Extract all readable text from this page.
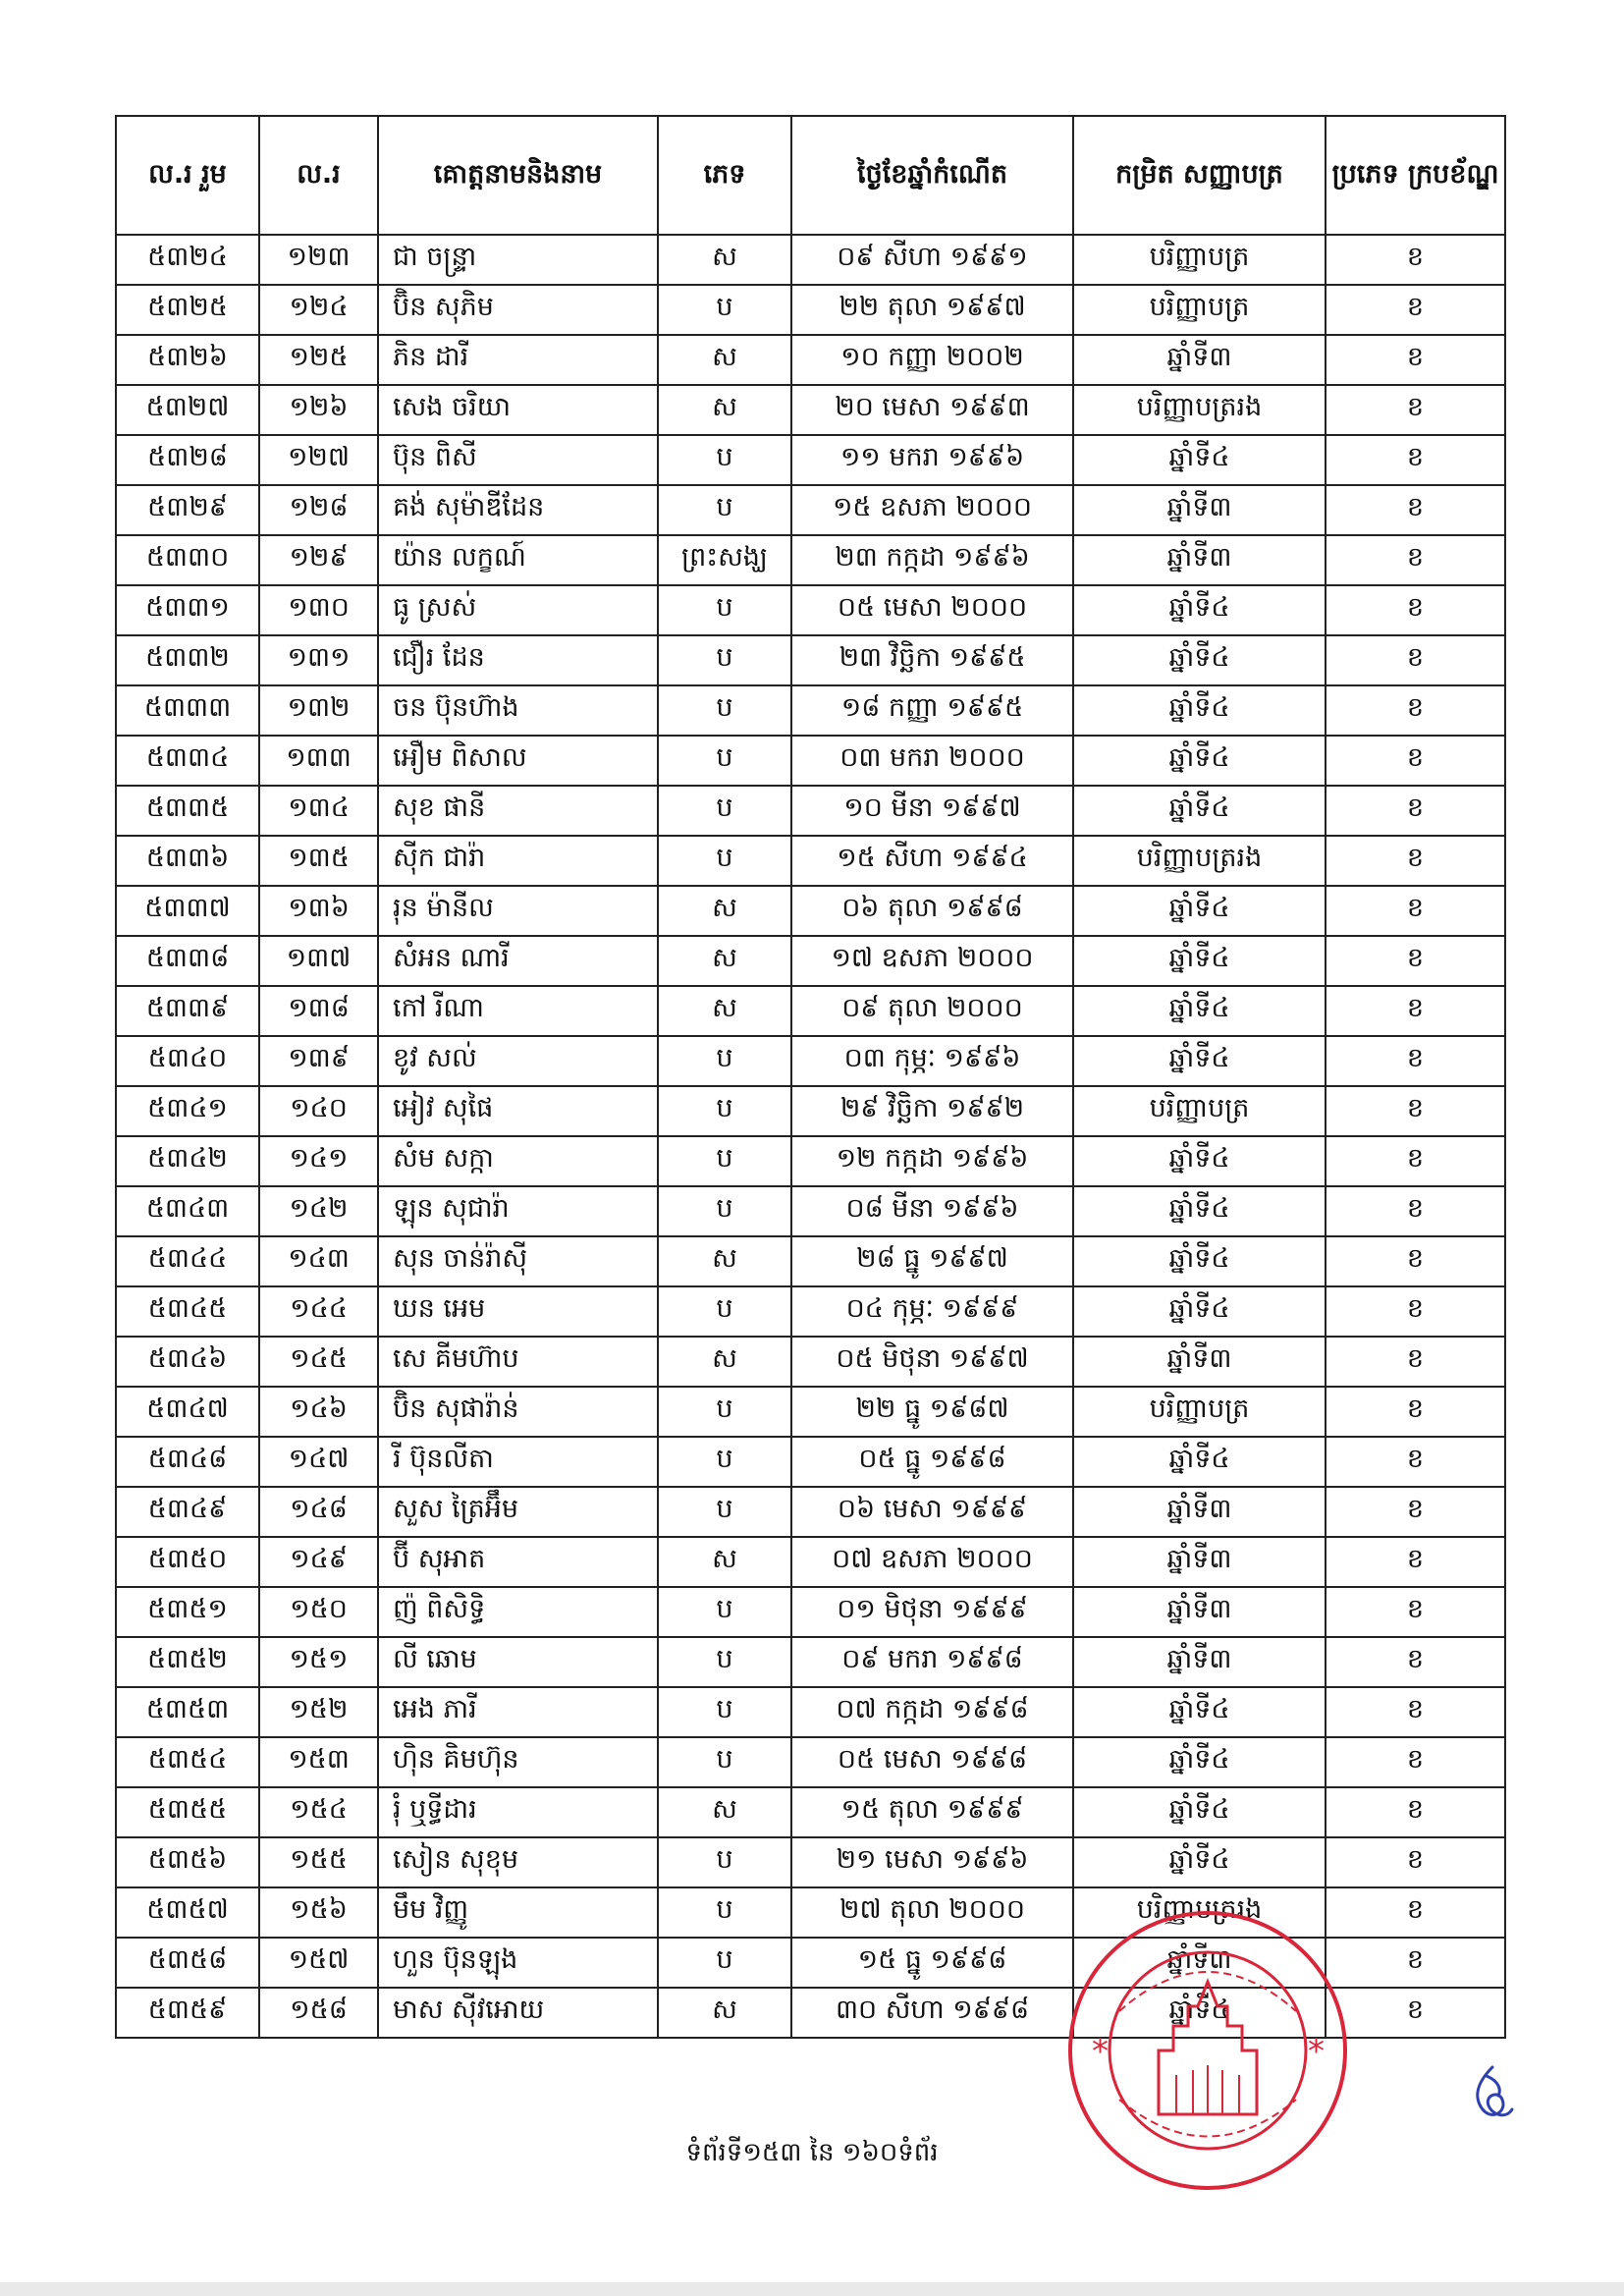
ល.រ រួម	ល.រ	គោត្តនាមនិងនាម	ភេទ	ថ្ងៃខែឆ្នាំកំណើត	កម្រិត សញ្ញាបត្រ	ប្រភេទ ក្របខ័ណ្ឌ
៥៣២៤	១២៣	ជា ចន្ទ្រា	ស	០៩ សីហា ១៩៩១	បរិញ្ញាបត្រ	ខ
៥៣២៥	១២៤	ប៊ិន សុភិម	ប	២២ តុលា ១៩៩៧	បរិញ្ញាបត្រ	ខ
៥៣២៦	១២៥	ភិន ដារី	ស	១០ កញ្ញា ២០០២	ឆ្នាំទី៣	ខ
៥៣២៧	១២៦	សេង ចរិយា	ស	២០ មេសា ១៩៩៣	បរិញ្ញាបត្ររង	ខ
៥៣២៨	១២៧	ប៊ុន ពិសី	ប	១១ មករា ១៩៩៦	ឆ្នាំទី៤	ខ
៥៣២៩	១២៨	គង់ សុម៉ាឌីដែន	ប	១៥ ឧសភា ២០០០	ឆ្នាំទី៣	ខ
៥៣៣០	១២៩	យ៉ាន លក្ខណ៍	ព្រះសង្ឃ	២៣ កក្កដា ១៩៩៦	ឆ្នាំទី៣	ខ
៥៣៣១	១៣០	ធូ ស្រស់	ប	០៥ មេសា ២០០០	ឆ្នាំទី៤	ខ
៥៣៣២	១៣១	ជឿរ ដែន	ប	២៣ វិច្ឆិកា ១៩៩៥	ឆ្នាំទី៤	ខ
៥៣៣៣	១៣២	ចន ប៊ុនហ៊ាង	ប	១៨ កញ្ញា ១៩៩៥	ឆ្នាំទី៤	ខ
៥៣៣៤	១៣៣	អឿម ពិសាល	ប	០៣ មករា ២០០០	ឆ្នាំទី៤	ខ
៥៣៣៥	១៣៤	សុខ ផានី	ប	១០ មីនា ១៩៩៧	ឆ្នាំទី៤	ខ
៥៣៣៦	១៣៥	ស៊ីក ជារ៉ា	ប	១៥ សីហា ១៩៩៤	បរិញ្ញាបត្ររង	ខ
៥៣៣៧	១៣៦	រុន ម៉ានីល	ស	០៦ តុលា ១៩៩៨	ឆ្នាំទី៤	ខ
៥៣៣៨	១៣៧	សំអន ណារី	ស	១៧ ឧសភា ២០០០	ឆ្នាំទី៤	ខ
៥៣៣៩	១៣៨	កៅ រីណា	ស	០៩ តុលា ២០០០	ឆ្នាំទី៤	ខ
៥៣៤០	១៣៩	ខូវ សល់	ប	០៣ កុម្ភៈ ១៩៩៦	ឆ្នាំទី៤	ខ
៥៣៤១	១៤០	អៀវ សុផៃ	ប	២៩ វិច្ឆិកា ១៩៩២	បរិញ្ញាបត្រ	ខ
៥៣៤២	១៤១	សំម សក្កា	ប	១២ កក្កដា ១៩៩៦	ឆ្នាំទី៤	ខ
៥៣៤៣	១៤២	ឡុន សុជារ៉ា	ប	០៨ មីនា ១៩៩៦	ឆ្នាំទី៤	ខ
៥៣៤៤	១៤៣	សុន ចាន់រ៉ាស៊ី	ស	២៨ ធ្នូ ១៩៩៧	ឆ្នាំទី៤	ខ
៥៣៤៥	១៤៤	ឃន អេម	ប	០៤ កុម្ភៈ ១៩៩៩	ឆ្នាំទី៤	ខ
៥៣៤៦	១៤៥	សេ គីមហ៊ាប	ស	០៥ មិថុនា ១៩៩៧	ឆ្នាំទី៣	ខ
៥៣៤៧	១៤៦	ប៊ិន សុផារ៉ាន់	ប	២២ ធ្នូ ១៩៨៧	បរិញ្ញាបត្រ	ខ
៥៣៤៨	១៤៧	រី ប៊ុនលីតា	ប	០៥ ធ្នូ ១៩៩៨	ឆ្នាំទី៤	ខ
៥៣៤៩	១៤៨	សួស ត្រៃអ៊ឹម	ប	០៦ មេសា ១៩៩៩	ឆ្នាំទី៣	ខ
៥៣៥០	១៤៩	ប៊ី សុអាត	ស	០៧ ឧសភា ២០០០	ឆ្នាំទី៣	ខ
៥៣៥១	១៥០	ញ៉ ពិសិទ្ធិ	ប	០១ មិថុនា ១៩៩៩	ឆ្នាំទី៣	ខ
៥៣៥២	១៥១	លី ឆោម	ប	០៩ មករា ១៩៩៨	ឆ្នាំទី៣	ខ
៥៣៥៣	១៥២	អេង ភារី	ប	០៧ កក្កដា ១៩៩៨	ឆ្នាំទី៤	ខ
៥៣៥៤	១៥៣	ហ៊ិន គិមហ៊ុន	ប	០៥ មេសា ១៩៩៨	ឆ្នាំទី៤	ខ
៥៣៥៥	១៥៤	រុំ ឬទ្ធីដារ	ស	១៥ តុលា ១៩៩៩	ឆ្នាំទី៤	ខ
៥៣៥៦	១៥៥	សៀន សុខុម	ប	២១ មេសា ១៩៩៦	ឆ្នាំទី៤	ខ
៥៣៥៧	១៥៦	មឹម វិញ្ញូ	ប	២៧ តុលា ២០០០	បរិញ្ញាបត្ររង	ខ
៥៣៥៨	១៥៧	ហួន ប៊ុនឡុង	ប	១៥ ធ្នូ ១៩៩៨	ឆ្នាំទី៣	ខ
៥៣៥៩	១៥៨	មាស ស៊ីវអោយ	ស	៣០ សីហា ១៩៩៨	ឆ្នាំទី៤	ខ
*	*
ទំព័រទី១៥៣ នៃ ១៦០ទំព័រ
